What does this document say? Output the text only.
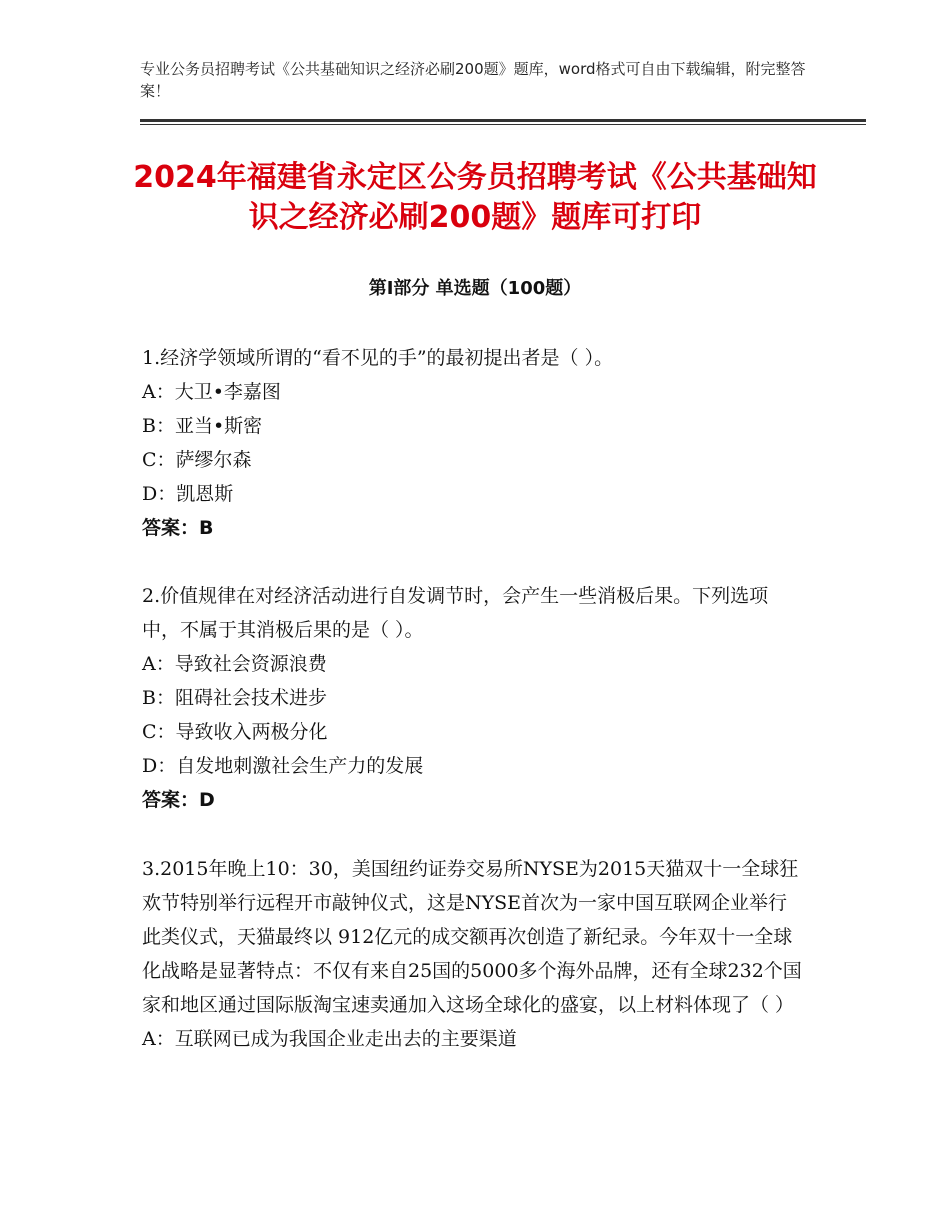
专业公务员招聘考试《公共基础知识之经济必刷200题》题库，word格式可自由下载编辑，附完整答案！
2024年福建省永定区公务员招聘考试《公共基础知识之经济必刷200题》题库可打印
第Ⅰ部分 单选题（100题）

1.经济学领域所谓的“看不见的手”的最初提出者是（ ）。

A：大卫•李嘉图

B：亚当•斯密

C：萨缪尔森

D：凯恩斯

答案：B

2.价值规律在对经济活动进行自发调节时，会产生一些消极后果。下列选项中，不属于其消极后果的是（ ）。

A：导致社会资源浪费

B：阻碍社会技术进步

C：导致收入两极分化

D：自发地刺激社会生产力的发展

答案：D

3.2015年晚上10：30，美国纽约证券交易所NYSE为2015天猫双十一全球狂欢节特别举行远程开市敲钟仪式，这是NYSE首次为一家中国互联网企业举行此类仪式，天猫最终以 912亿元的成交额再次创造了新纪录。今年双十一全球化战略是显著特点：不仅有来自25国的5000多个海外品牌，还有全球232个国家和地区通过国际版淘宝速卖通加入这场全球化的盛宴，以上材料体现了（ ）

A：互联网已成为我国企业走出去的主要渠道
